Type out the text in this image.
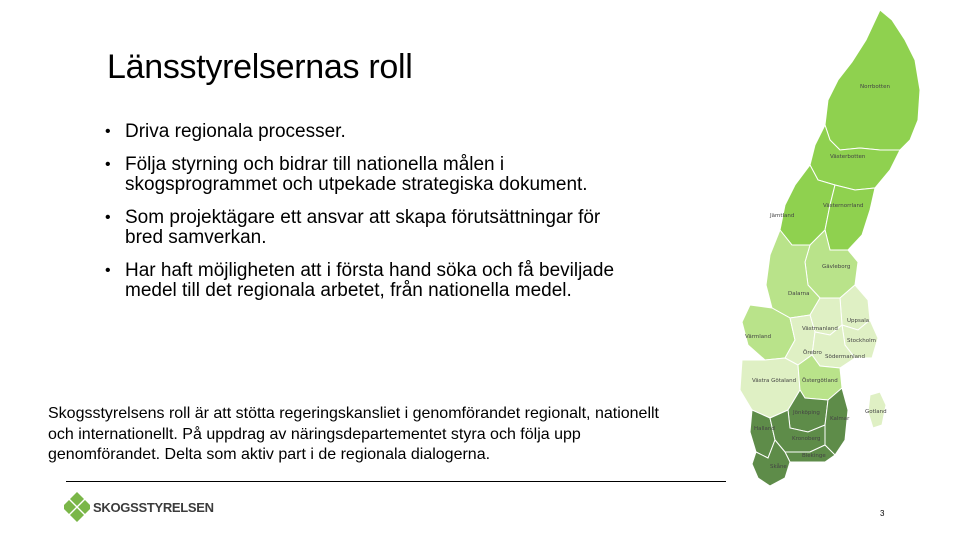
Länsstyrelsernas roll
• Driva regionala processer.
• Följa styrning och bidrar till nationella målen i skogsprogrammet och utpekade strategiska dokument.
• Som projektägare ett ansvar att skapa förutsättningar för bred samverkan.
• Har haft möjligheten att i första hand söka och få beviljade medel till det regionala arbetet, från nationella medel.
Skogsstyrelsens roll är att stötta regeringskansliet i genomförandet regionalt, nationellt och internationellt. På uppdrag av näringsdepartementet styra och följa upp genomförandet. Delta som aktiv part i de regionala dialogerna.
SKOGSSTYRELSEN	3
Norrbotten
Västerbotten
Jämtland
Västernorrland
Gävleborg
Dalarna
Uppsala
Västmanland
Värmland
Stockholm
Örebro
Södermanland
Västra Götaland Östergötland
Jönköping
Kalmar
Gotland
Halland
Kronoberg
Blekinge
Skåne
